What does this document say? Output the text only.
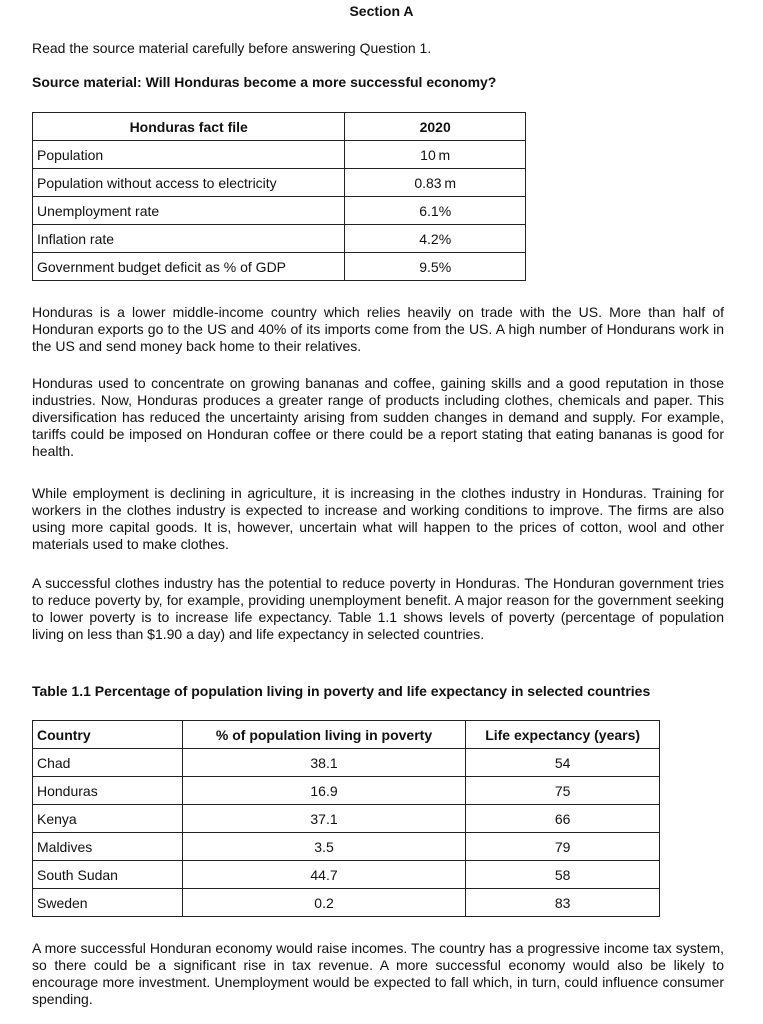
Section A
Read the source material carefully before answering Question 1.
Source material: Will Honduras become a more successful economy?
Honduras fact file	2020
Population	10 m
Population without access to electricity	0.83 m
Unemployment rate	6.1%
Inflation rate	4.2%
Government budget deficit as % of GDP	9.5%
Honduras is a lower middle-income country which relies heavily on trade with the US. More than half of Honduran exports go to the US and 40% of its imports come from the US. A high number of Hondurans work in the US and send money back home to their relatives.
Honduras used to concentrate on growing bananas and coffee, gaining skills and a good reputation in those industries. Now, Honduras produces a greater range of products including clothes, chemicals and paper. This diversification has reduced the uncertainty arising from sudden changes in demand and supply. For example, tariffs could be imposed on Honduran coffee or there could be a report stating that eating bananas is good for health.
While employment is declining in agriculture, it is increasing in the clothes industry in Honduras. Training for workers in the clothes industry is expected to increase and working conditions to improve. The firms are also using more capital goods. It is, however, uncertain what will happen to the prices of cotton, wool and other materials used to make clothes.
A successful clothes industry has the potential to reduce poverty in Honduras. The Honduran government tries to reduce poverty by, for example, providing unemployment benefit. A major reason for the government seeking to lower poverty is to increase life expectancy. Table 1.1 shows levels of poverty (percentage of population living on less than $1.90 a day) and life expectancy in selected countries.
Table 1.1 Percentage of population living in poverty and life expectancy in selected countries
Country	% of population living in poverty	Life expectancy (years)
Chad	38.1	54
Honduras	16.9	75
Kenya	37.1	66
Maldives	3.5	79
South Sudan	44.7	58
Sweden	0.2	83
A more successful Honduran economy would raise incomes. The country has a progressive income tax system, so there could be a significant rise in tax revenue. A more successful economy would also be likely to encourage more investment. Unemployment would be expected to fall which, in turn, could influence consumer spending.
